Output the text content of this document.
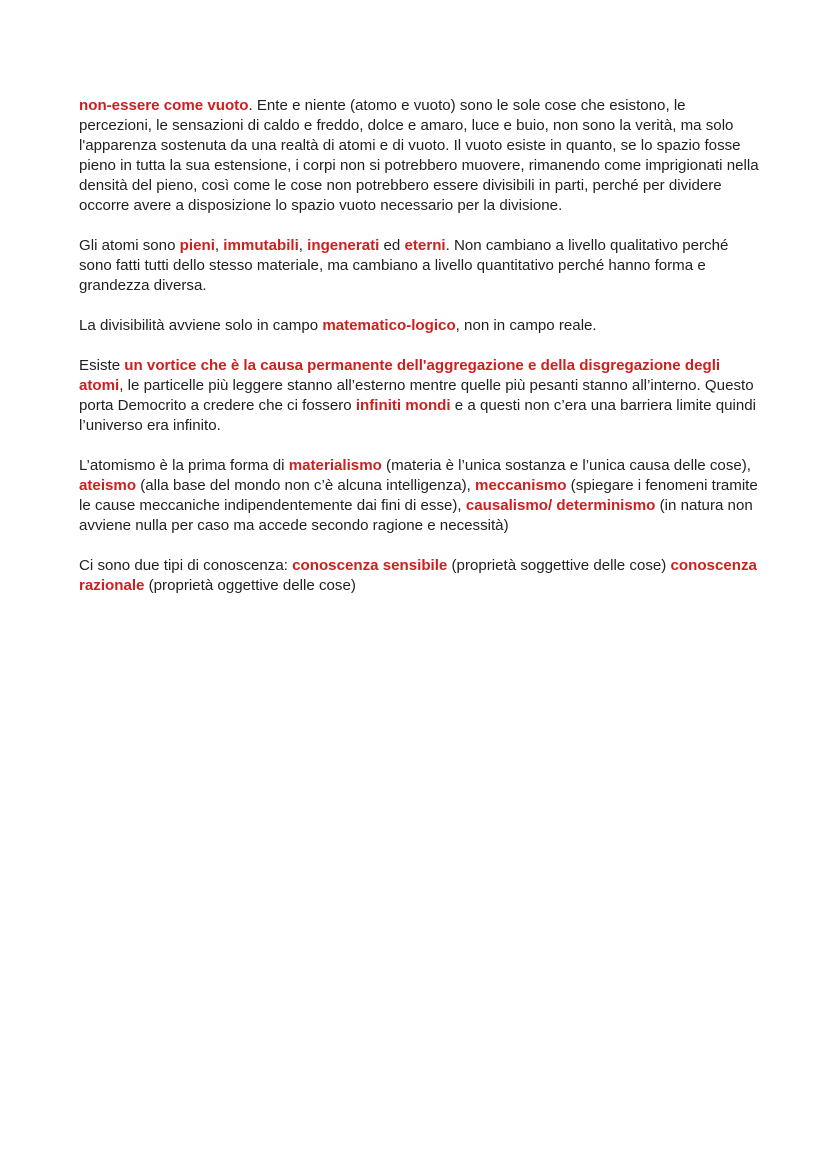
non-essere come vuoto. Ente e niente (atomo e vuoto) sono le sole cose che esistono, le percezioni, le sensazioni di caldo e freddo, dolce e amaro, luce e buio, non sono la verità, ma solo l'apparenza sostenuta da una realtà di atomi e di vuoto. Il vuoto esiste in quanto, se lo spazio fosse pieno in tutta la sua estensione, i corpi non si potrebbero muovere, rimanendo come imprigionati nella densità del pieno, così come le cose non potrebbero essere divisibili in parti, perché per dividere occorre avere a disposizione lo spazio vuoto necessario per la divisione.

Gli atomi sono pieni, immutabili, ingenerati ed eterni. Non cambiano a livello qualitativo perché sono fatti tutti dello stesso materiale, ma cambiano a livello quantitativo perché hanno forma e grandezza diversa.

La divisibilità avviene solo in campo matematico-logico, non in campo reale.

Esiste un vortice che è la causa permanente dell'aggregazione e della disgregazione degli atomi, le particelle più leggere stanno all’esterno mentre quelle più pesanti stanno all’interno. Questo porta Democrito a credere che ci fossero infiniti mondi e a questi non c’era una barriera limite quindi l’universo era infinito.

L’atomismo è la prima forma di materialismo (materia è l’unica sostanza e l’unica causa delle cose), ateismo (alla base del mondo non c’è alcuna intelligenza), meccanismo (spiegare i fenomeni tramite le cause meccaniche indipendentemente dai fini di esse), causalismo/ determinismo (in natura non avviene nulla per caso ma accede secondo ragione e necessità)

Ci sono due tipi di conoscenza: conoscenza sensibile (proprietà soggettive delle cose) conoscenza razionale (proprietà oggettive delle cose)
